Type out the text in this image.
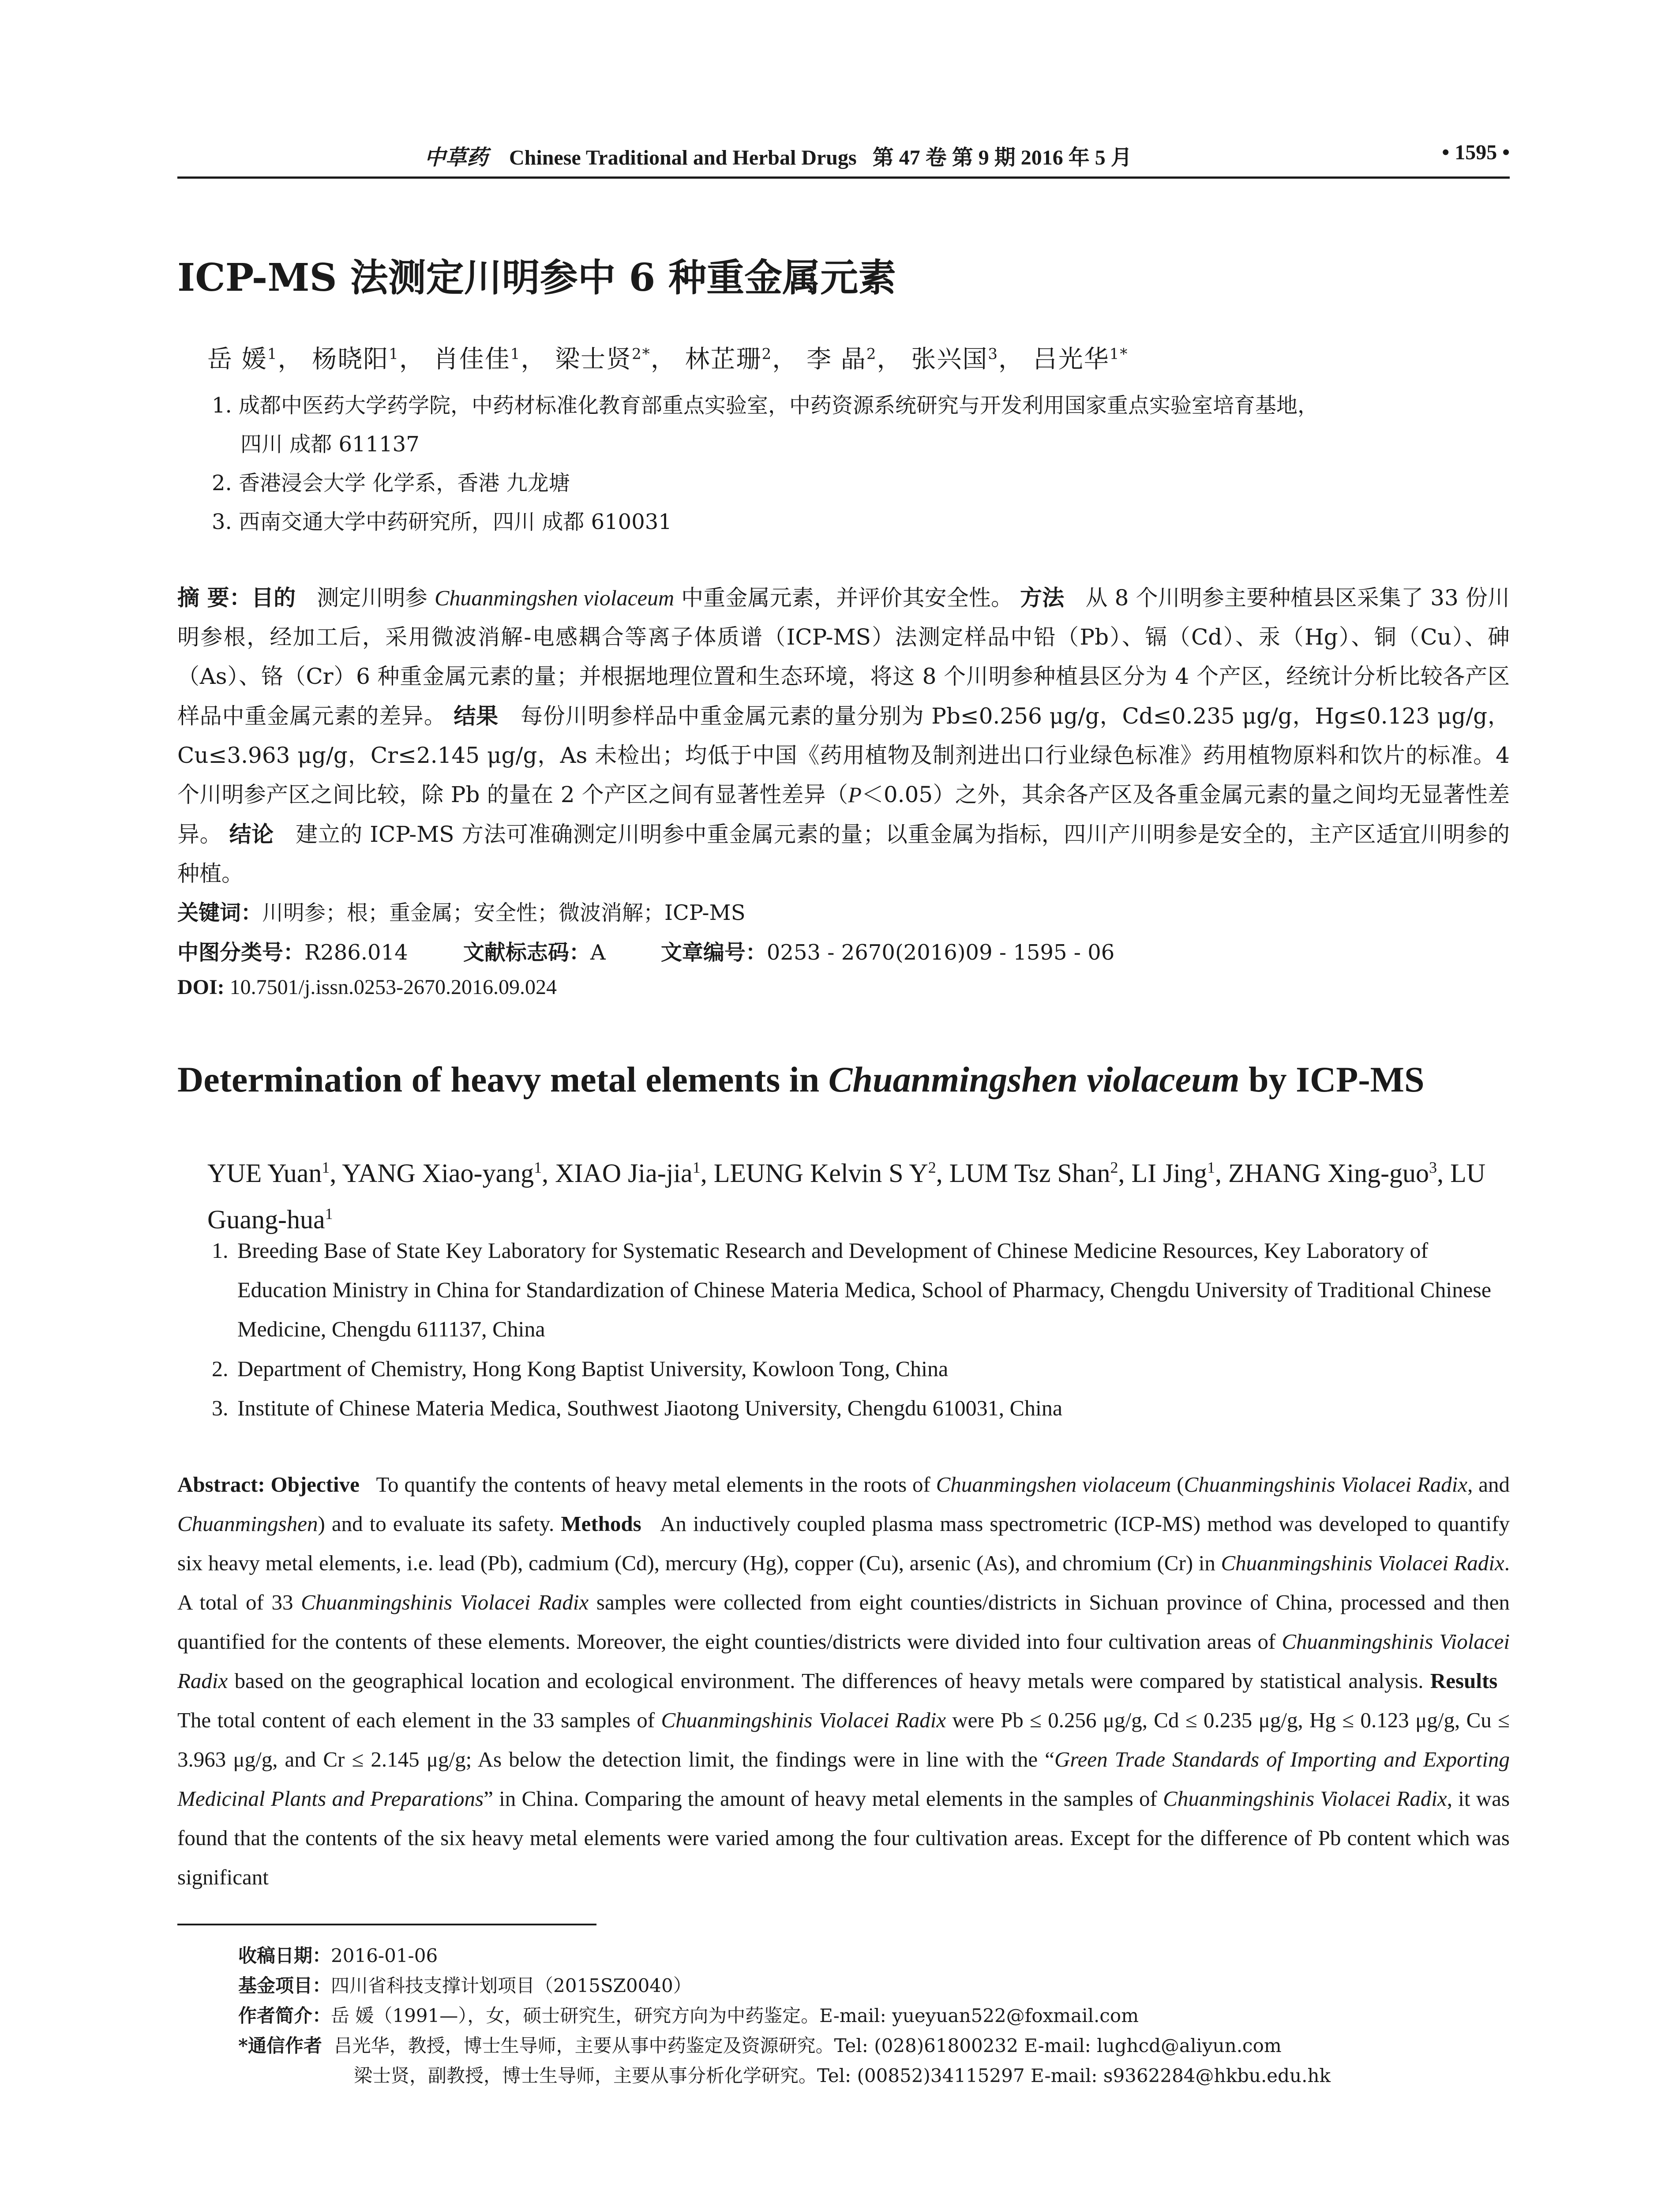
中草药 Chinese Traditional and Herbal Drugs 第 47 卷 第 9 期 2016 年 5 月	• 1595 •
ICP-MS 法测定川明参中 6 种重金属元素
岳 媛$^1$， 杨晓阳$^1$， 肖佳佳$^1$， 梁士贤$^{2*}$， 林芷珊$^2$， 李 晶$^2$， 张兴国$^3$， 吕光华$^{1*}$
1. 成都中医药大学药学院，中药材标准化教育部重点实验室，中药资源系统研究与开发利用国家重点实验室培育基地，
四川 成都 611137
2. 香港浸会大学 化学系，香港 九龙塘
3. 西南交通大学中药研究所，四川 成都 610031
摘 要：目的 测定川明参 Chuanmingshen violaceum 中重金属元素，并评价其安全性。 方法 从 8 个川明参主要种植县区采集了 33 份川明参根，经加工后，采用微波消解-电感耦合等离子体质谱（ICP-MS）法测定样品中铅（Pb）、镉（Cd）、汞（Hg）、铜（Cu）、砷（As）、铬（Cr）6 种重金属元素的量；并根据地理位置和生态环境，将这 8 个川明参种植县区分为 4 个产区，经统计分析比较各产区样品中重金属元素的差异。 结果 每份川明参样品中重金属元素的量分别为 Pb≤0.256 μg/g，Cd≤0.235 μg/g，Hg≤0.123 μg/g，Cu≤3.963 μg/g，Cr≤2.145 μg/g，As 未检出；均低于中国《药用植物及制剂进出口行业绿色标准》药用植物原料和饮片的标准。4 个川明参产区之间比较，除 Pb 的量在 2 个产区之间有显著性差异（P＜0.05）之外，其余各产区及各重金属元素的量之间均无显著性差异。 结论 建立的 ICP-MS 方法可准确测定川明参中重金属元素的量；以重金属为指标，四川产川明参是安全的，主产区适宜川明参的种植。
关键词：川明参；根；重金属；安全性；微波消解；ICP-MS
中图分类号：R286.014	文献标志码：A	文章编号：0253 - 2670(2016)09 - 1595 - 06
DOI: 10.7501/j.issn.0253-2670.2016.09.024
Determination of heavy metal elements in Chuanmingshen violaceum by ICP-MS
YUE Yuan$^1$, YANG Xiao-yang$^1$, XIAO Jia-jia$^1$, LEUNG Kelvin S $Y^2$, LUM Tsz Shan$^2$, LI Jing$^1$, ZHANG Xing-guo$^3$, LU Guang-hua$^1$
1. Breeding Base of State Key Laboratory for Systematic Research and Development of Chinese Medicine Resources, Key Laboratory of Education Ministry in China for Standardization of Chinese Materia Medica, School of Pharmacy, Chengdu University of Traditional Chinese Medicine, Chengdu 611137, China
2. Department of Chemistry, Hong Kong Baptist University, Kowloon Tong, China
3. Institute of Chinese Materia Medica, Southwest Jiaotong University, Chengdu 610031, China
Abstract: Objective To quantify the contents of heavy metal elements in the roots of Chuanmingshen violaceum (Chuanmingshinis Violacei Radix, and Chuanmingshen) and to evaluate its safety. Methods An inductively coupled plasma mass spectrometric (ICP-MS) method was developed to quantify six heavy metal elements, i.e. lead (Pb), cadmium (Cd), mercury (Hg), copper (Cu), arsenic (As), and chromium (Cr) in Chuanmingshinis Violacei Radix. A total of 33 Chuanmingshinis Violacei Radix samples were collected from eight counties/districts in Sichuan province of China, processed and then quantified for the contents of these elements. Moreover, the eight counties/districts were divided into four cultivation areas of Chuanmingshinis Violacei Radix based on the geographical location and ecological environment. The differences of heavy metals were compared by statistical analysis. Results   The total content of each element in the 33 samples of Chuanmingshinis Violacei Radix were Pb ≤ 0.256 μg/g, Cd ≤ 0.235 μg/g, Hg ≤ 0.123 μg/g, Cu ≤ 3.963 μg/g, and Cr ≤ 2.145 μg/g; As below the detection limit, the findings were in line with the “Green Trade Standards of Importing and Exporting Medicinal Plants and Preparations” in China. Comparing the amount of heavy metal elements in the samples of Chuanmingshinis Violacei Radix, it was found that the contents of the six heavy metal elements were varied among the four cultivation areas. Except for the difference of Pb content which was significant
收稿日期：2016-01-06
基金项目：四川省科技支撑计划项目（2015SZ0040）
作者简介：岳 媛（1991—），女，硕士研究生，研究方向为中药鉴定。E-mail: yueyuan522@foxmail.com
*通信作者 吕光华，教授，博士生导师，主要从事中药鉴定及资源研究。Tel: (028)61800232 E-mail: lughcd@aliyun.com
梁士贤，副教授，博士生导师，主要从事分析化学研究。Tel: (00852)34115297 E-mail: s9362284@hkbu.edu.hk
